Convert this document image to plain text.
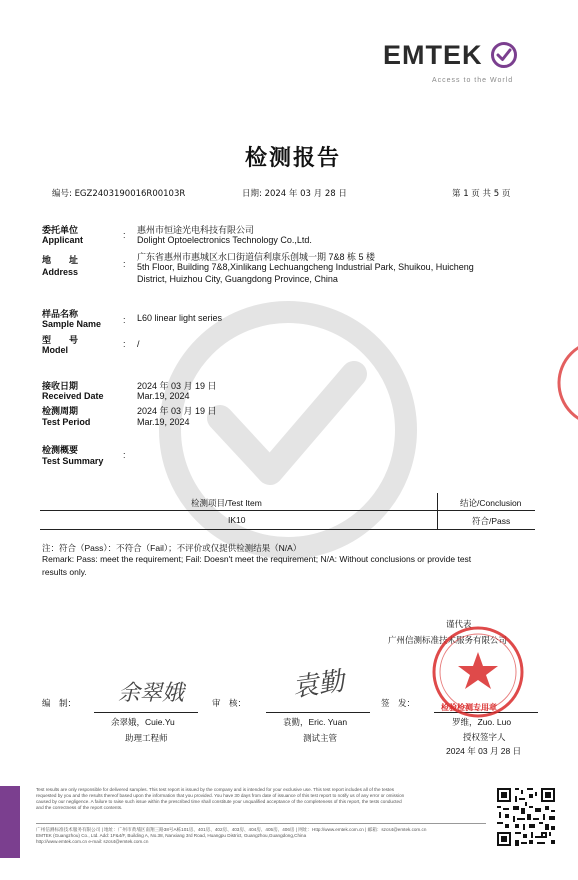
EMTEK
Access to the World
检测报告
编号: EGZ2403190016R00103R	日期: 2024 年 03 月 28 日	第 1 页 共 5 页
委托单位
Applicant	: 惠州市恒途光电科技有限公司
Dolight Optoelectronics Technology Co.,Ltd.
地　　址
Address
:
广东省惠州市惠城区水口街道信利康乐创城一期 7&8 栋 5 楼
5th Floor, Building 7&8,Xinlikang Lechuangcheng Industrial Park, Shuikou, Huicheng
District, Huizhou City, Guangdong Province, China
样品名称
Sample Name : L60 linear light series
型　　号
Model
: /
接收日期
Received Date
2024 年 03 月 19 日
Mar.19, 2024
检测周期
Test Period
2024 年 03 月 19 日
Mar.19, 2024
检测概要
Test Summary
:
检测项目/Test Item	结论/Conclusion
IK10	符合/Pass
注：符合（Pass）：不符合（Fail）；不评价或仅提供检测结果（N/A）
Remark: Pass: meet the requirement; Fail: Doesn't meet the requirement; N/A: Without conclusions or provide test
results only.
谨代表
广州信测标准技术服务有限公司
编　制： 余翠娥
余翠娥，Cuie.Yu
助理工程师
审　核： 袁勤
袁勤，Eric. Yuan
测试主管
签　发：
罗维，Zuo. Luo
授权签字人
2024 年 03 月 28 日
检验检测专用章
Test results are only responsible for delivered samples. This test report is issued by the company and is intended for your exclusive use. This test report includes all of the testes
requested by you and the results thereof based upon the information that you provided. You have 30 days from date of issuance of this test report to notify us of any error or omission
caused by our negligence. A failure to raise such issue within the prescribed time shall constitute your unqualified acceptance of the completeness of this report, the tests conducted
and the correctness of the report contents.
广州信测标准技术服务有限公司 | 地址：广州市黄埔区南翔三路38号A栋101房、401房、402房、403房、404房、405房、406房 | 网址：Http://www.emtek.com.cn | 邮箱：szcs4@emtek.com.cn
EMTEK (Guangzhou) Co., Ltd. Add: 1F&4/F, Building A, No.38, Nanxiang 3rd Road, Huangpu District, Guangzhou,Guangdong,China
http://www.emtek.com.cn e-mail: szcs4@emtek.com.cn
